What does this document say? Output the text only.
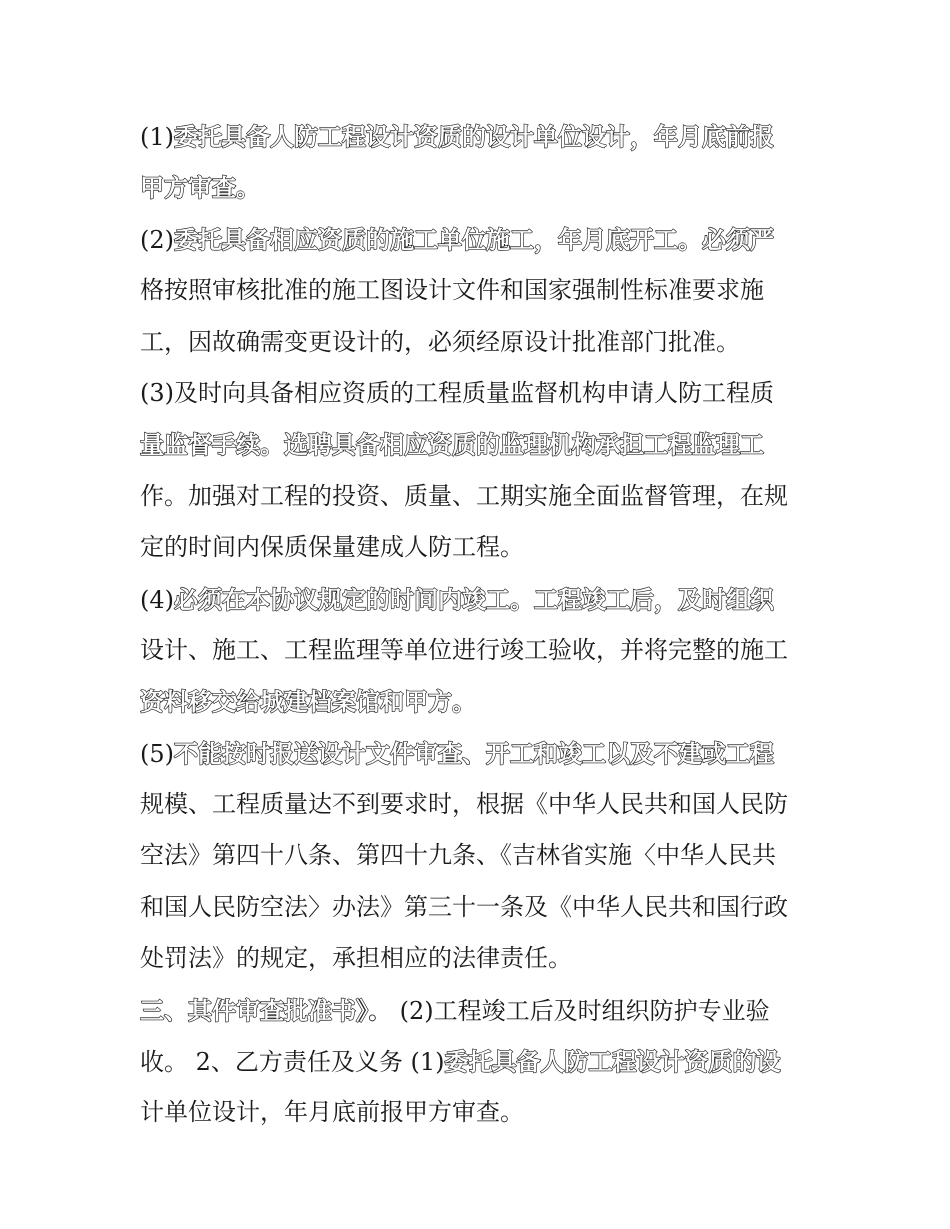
(1)委托具备人防工程设计资质的设计单位设计，年月底前报
甲方审查。
(2)委托具备相应资质的施工单位施工，年月底开工。必须严
格按照审核批准的施工图设计文件和国家强制性标准要求施
工，因故确需变更设计的，必须经原设计批准部门批准。
(3)及时向具备相应资质的工程质量监督机构申请人防工程质
量监督手续。选聘具备相应资质的监理机构承担工程监理工
作。加强对工程的投资、质量、工期实施全面监督管理，在规
定的时间内保质保量建成人防工程。
(4)必须在本协议规定的时间内竣工。工程竣工后，及时组织
设计、施工、工程监理等单位进行竣工验收，并将完整的施工
资料移交给城建档案馆和甲方。
(5)不能按时报送设计文件审查、开工和竣工以及不建或工程
规模、工程质量达不到要求时，根据《中华人民共和国人民防
空法》第四十八条、第四十九条、《吉林省实施〈中华人民共
和国人民防空法〉办法》第三十一条及《中华人民共和国行政
处罚法》的规定，承担相应的法律责任。
三、其件审查批准书》。 (2)工程竣工后及时组织防护专业验
收。 2、乙方责任及义务 (1)委托具备人防工程设计资质的设
计单位设计，年月底前报甲方审查。
